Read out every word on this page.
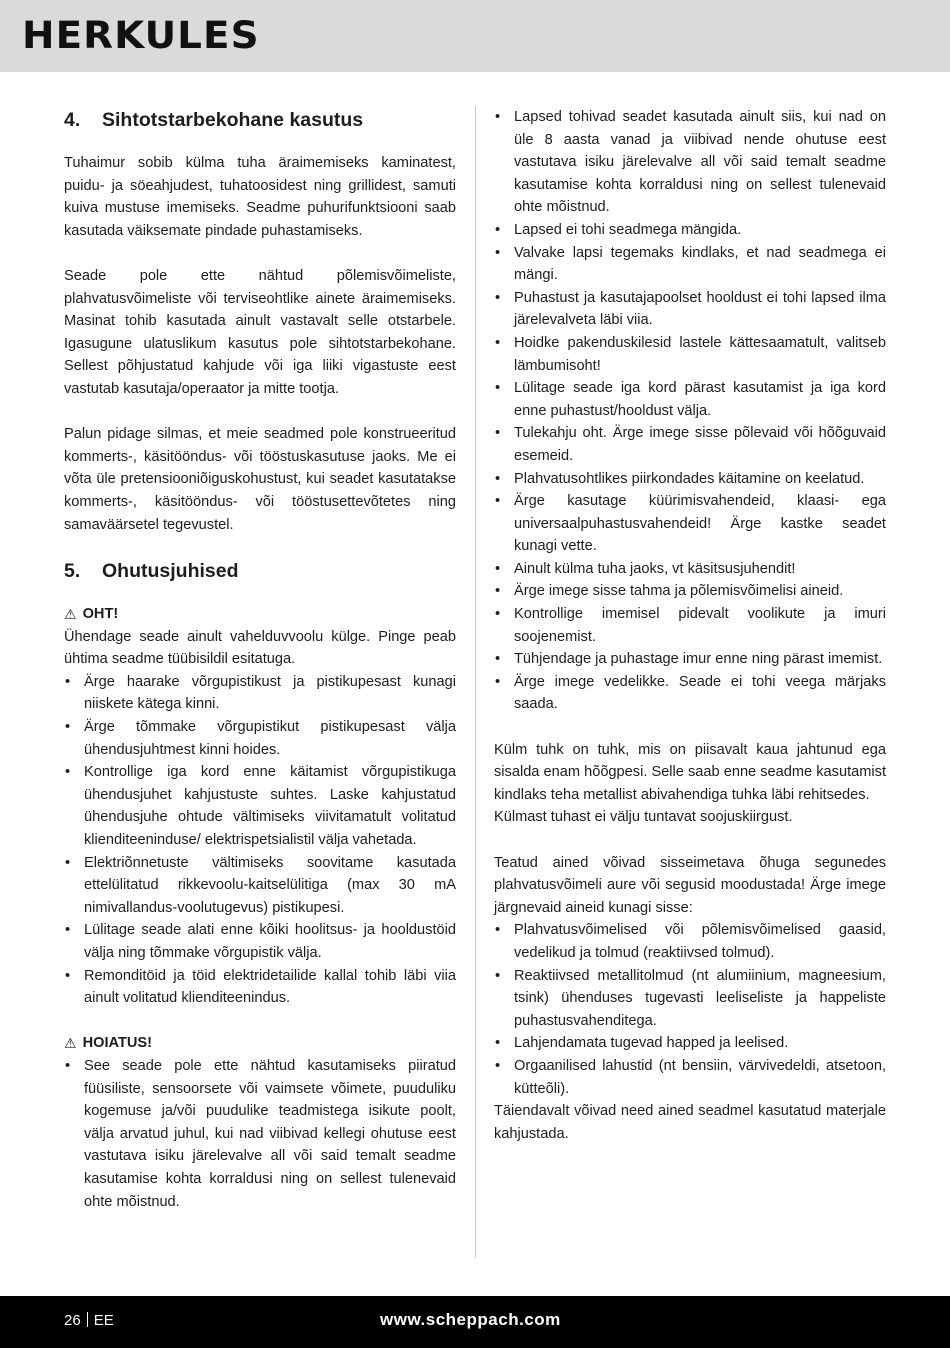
HERKULES
4.	Sihtotstarbekohane kasutus

Tuhaimur sobib külma tuha äraimemiseks kaminatest, puidu- ja söeahjudest, tuhatoosidest ning grillidest, samuti kuiva mustuse imemiseks. Seadme puhurifunktsiooni saab kasutada väiksemate pindade puhastamiseks.

Seade pole ette nähtud põlemisvõimeliste, plahvatusvõimeliste või terviseohtlike ainete äraimemiseks. Masinat tohib kasutada ainult vastavalt selle otstarbele. Igasugune ulatuslikum kasutus pole sihtotstarbekohane. Sellest põhjustatud kahjude või iga liiki vigastuste eest vastutab kasutaja/operaator ja mitte tootja.

Palun pidage silmas, et meie seadmed pole konstrueeritud kommerts-, käsitööndus- või tööstuskasutuse jaoks. Me ei võta üle pretensiooniõiguskohustust, kui seadet kasutatakse kommerts-, käsitööndus- või tööstusettevõtetes ning samaväärsetel tegevustel.

5.	Ohutusjuhised
⚠ OHT!

Ühendage seade ainult vahelduvvoolu külge. Pinge peab ühtima seadme tüübisildil esitatuga.

• Ärge haarake võrgupistikust ja pistikupesast kunagi niiskete kätega kinni.
• Ärge tõmmake võrgupistikut pistikupesast välja ühendusjuhtmest kinni hoides.
• Kontrollige iga kord enne käitamist võrgupistikuga ühendusjuhet kahjustuste suhtes. Laske kahjustatud ühendusjuhe ohtude vältimiseks viivitamatult volitatud klienditeeninduse/ elektrispetsialistil välja vahetada.
• Elektriõnnetuste vältimiseks soovitame kasutada ettelülitatud rikkevoolu-kaitselülitiga (max 30 mA nimivallandus-voolutugevus) pistikupesi.
• Lülitage seade alati enne kõiki hoolitsus- ja hooldustöid välja ning tõmmake võrgupistik välja.
• Remonditöid ja töid elektridetailide kallal tohib läbi viia ainult volitatud klienditeenindus.
⚠ HOIATUS!
• See seade pole ette nähtud kasutamiseks piiratud füüsiliste, sensoorsete või vaimsete võimete, puuduliku kogemuse ja/või puudulike teadmistega isikute poolt, välja arvatud juhul, kui nad viibivad kellegi ohutuse eest vastutava isiku järelevalve all või said temalt seadme kasutamise kohta korraldusi ning on sellest tulenevaid ohte mõistnud.
• Lapsed tohivad seadet kasutada ainult siis, kui nad on üle 8 aasta vanad ja viibivad nende ohutuse eest vastutava isiku järelevalve all või said temalt seadme kasutamise kohta korraldusi ning on sellest tulenevaid ohte mõistnud.
• Lapsed ei tohi seadmega mängida.
• Valvake lapsi tegemaks kindlaks, et nad seadmega ei mängi.
• Puhastust ja kasutajapoolset hooldust ei tohi lapsed ilma järelevalveta läbi viia.
• Hoidke pakenduskilesid lastele kättesaamatult, valitseb lämbumisoht!
• Lülitage seade iga kord pärast kasutamist ja iga kord enne puhastust/hooldust välja.
• Tulekahju oht. Ärge imege sisse põlevaid või hõõguvaid esemeid.
• Plahvatusohtlikes piirkondades käitamine on keelatud.
• Ärge kasutage küürimisvahendeid, klaasi- ega universaalpuhastusvahendeid! Ärge kastke seadet kunagi vette.
• Ainult külma tuha jaoks, vt käsitsusjuhendit!
• Ärge imege sisse tahma ja põlemisvõimelisi aineid.
• Kontrollige imemisel pidevalt voolikute ja imuri soojenemist.
• Tühjendage ja puhastage imur enne ning pärast imemist.
• Ärge imege vedelikke. Seade ei tohi veega märjaks saada.

Külm tuhk on tuhk, mis on piisavalt kaua jahtunud ega sisalda enam hõõgpesi. Selle saab enne seadme kasutamist kindlaks teha metallist abivahendiga tuhka läbi rehitsedes.

Külmast tuhast ei välju tuntavat soojuskiirgust.

Teatud ained võivad sisseimetava õhuga segunedes plahvatusvõimeli aure või segusid moodustada! Ärge imege järgnevaid aineid kunagi sisse:

• Plahvatusvõimelised või põlemisvõimelised gaasid, vedelikud ja tolmud (reaktiivsed tolmud).
• Reaktiivsed metallitolmud (nt alumiinium, magneesium, tsink) ühenduses tugevasti leeliseliste ja happeliste puhastusvahenditega.
• Lahjendamata tugevad happed ja leelised.
• Orgaanilised lahustid (nt bensiin, värvivedeldi, atsetoon, kütteõli).

Täiendavalt võivad need ained seadmel kasutatud materjale kahjustada.

26 EE	www.scheppach.com
